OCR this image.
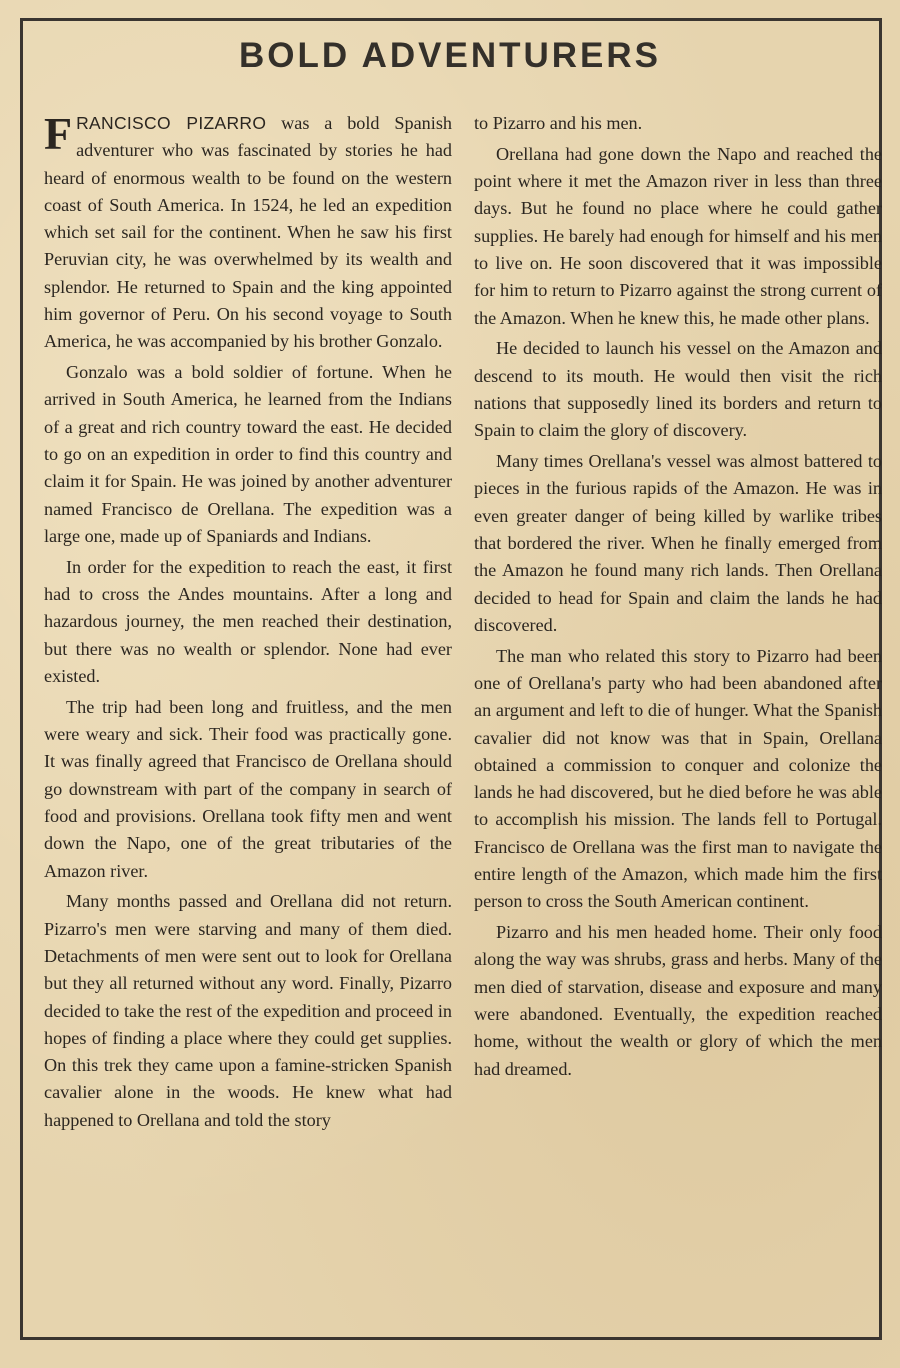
BOLD ADVENTURERS

FRANCISCO PIZARRO was a bold Spanish adventurer who was fascinated by stories he had heard of enormous wealth to be found on the western coast of South America. In 1524, he led an expedition which set sail for the continent. When he saw his first Peruvian city, he was overwhelmed by its wealth and splendor. He returned to Spain and the king appointed him governor of Peru. On his second voyage to South America, he was accompanied by his brother Gonzalo.

Gonzalo was a bold soldier of fortune. When he arrived in South America, he learned from the Indians of a great and rich country toward the east. He decided to go on an expedition in order to find this country and claim it for Spain. He was joined by another adventurer named Francisco de Orellana. The expedition was a large one, made up of Spaniards and Indians.

In order for the expedition to reach the east, it first had to cross the Andes mountains. After a long and hazardous journey, the men reached their destination, but there was no wealth or splendor. None had ever existed.

The trip had been long and fruitless, and the men were weary and sick. Their food was practically gone. It was finally agreed that Francisco de Orellana should go downstream with part of the company in search of food and provisions. Orellana took fifty men and went down the Napo, one of the great tributaries of the Amazon river.

Many months passed and Orellana did not return. Pizarro's men were starving and many of them died. Detachments of men were sent out to look for Orellana but they all returned without any word. Finally, Pizarro decided to take the rest of the expedition and proceed in hopes of finding a place where they could get supplies. On this trek they came upon a famine-stricken Spanish cavalier alone in the woods. He knew what had happened to Orellana and told the story

to Pizarro and his men.

Orellana had gone down the Napo and reached the point where it met the Amazon river in less than three days. But he found no place where he could gather supplies. He barely had enough for himself and his men to live on. He soon discovered that it was impossible for him to return to Pizarro against the strong current of the Amazon. When he knew this, he made other plans.

He decided to launch his vessel on the Amazon and descend to its mouth. He would then visit the rich nations that supposedly lined its borders and return to Spain to claim the glory of discovery.

Many times Orellana's vessel was almost battered to pieces in the furious rapids of the Amazon. He was in even greater danger of being killed by warlike tribes that bordered the river. When he finally emerged from the Amazon he found many rich lands. Then Orellana decided to head for Spain and claim the lands he had discovered.

The man who related this story to Pizarro had been one of Orellana's party who had been abandoned after an argument and left to die of hunger. What the Spanish cavalier did not know was that in Spain, Orellana obtained a commission to conquer and colonize the lands he had discovered, but he died before he was able to accomplish his mission. The lands fell to Portugal. Francisco de Orellana was the first man to navigate the entire length of the Amazon, which made him the first person to cross the South American continent.

Pizarro and his men headed home. Their only food along the way was shrubs, grass and herbs. Many of the men died of starvation, disease and exposure and many were abandoned. Eventually, the expedition reached home, without the wealth or glory of which the men had dreamed.
